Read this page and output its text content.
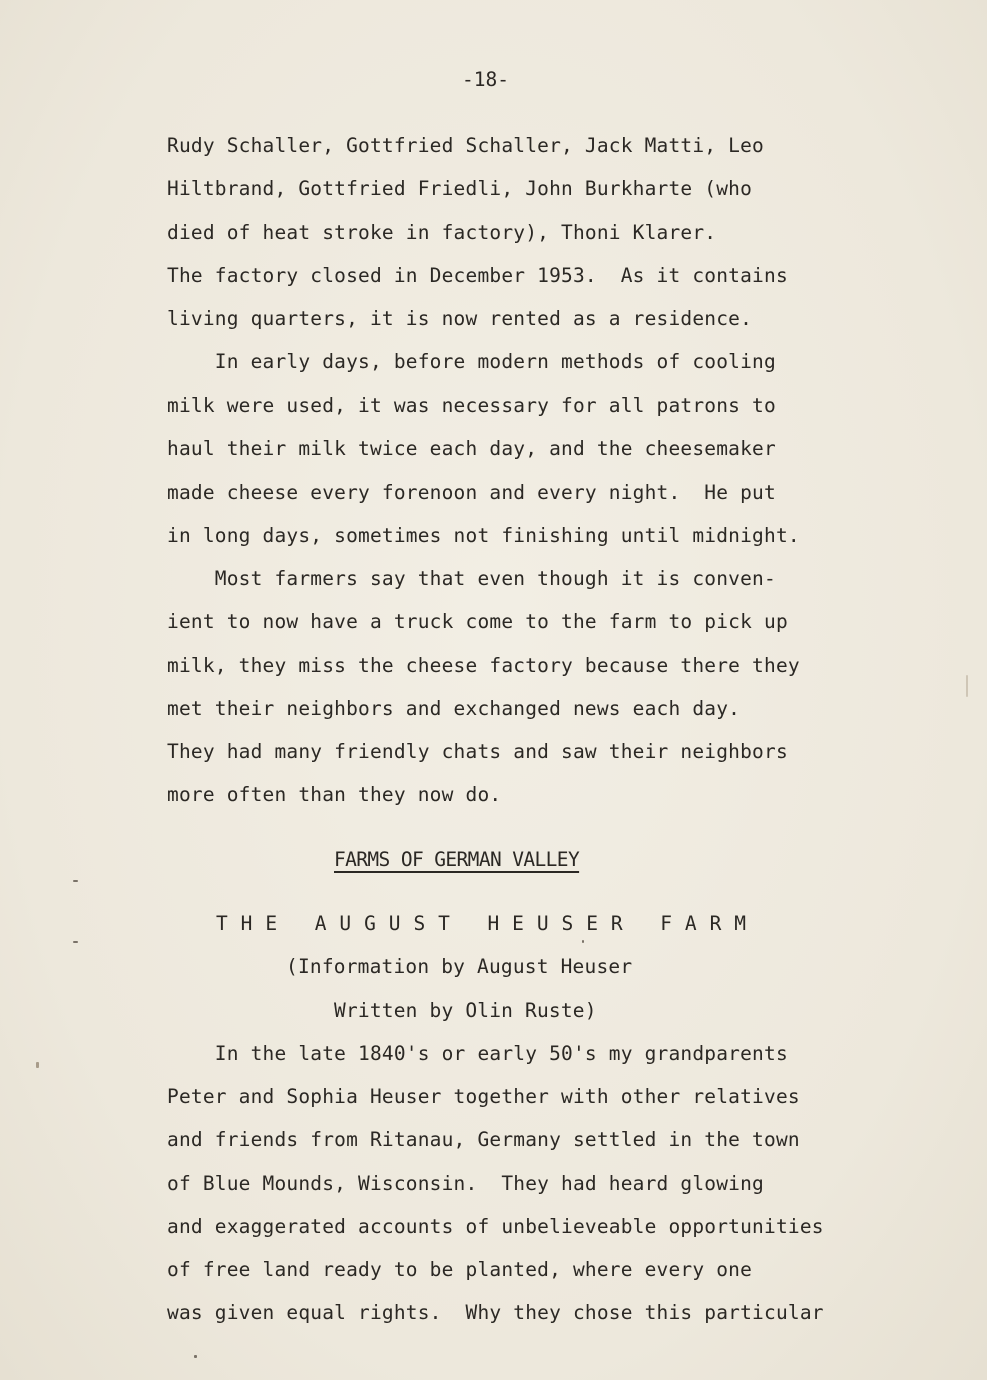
-18-
Rudy Schaller, Gottfried Schaller, Jack Matti, Leo
Hiltbrand, Gottfried Friedli, John Burkharte (who
died of heat stroke in factory), Thoni Klarer.
The factory closed in December 1953.  As it contains
living quarters, it is now rented as a residence.
In early days, before modern methods of cooling
milk were used, it was necessary for all patrons to
haul their milk twice each day, and the cheesemaker
made cheese every forenoon and every night.  He put
in long days, sometimes not finishing until midnight.
Most farmers say that even though it is conven-
ient to now have a truck come to the farm to pick up
milk, they miss the cheese factory because there they
met their neighbors and exchanged news each day.
They had many friendly chats and saw their neighbors
more often than they now do.
FARMS OF GERMAN VALLEY
T H E   A U G U S T   H E U S E R   F A R M
(Information by August Heuser
Written by Olin Ruste)
In the late 1840's or early 50's my grandparents
Peter and Sophia Heuser together with other relatives
and friends from Ritanau, Germany settled in the town
of Blue Mounds, Wisconsin.  They had heard glowing
and exaggerated accounts of unbelieveable opportunities
of free land ready to be planted, where every one
was given equal rights.  Why they chose this particular
